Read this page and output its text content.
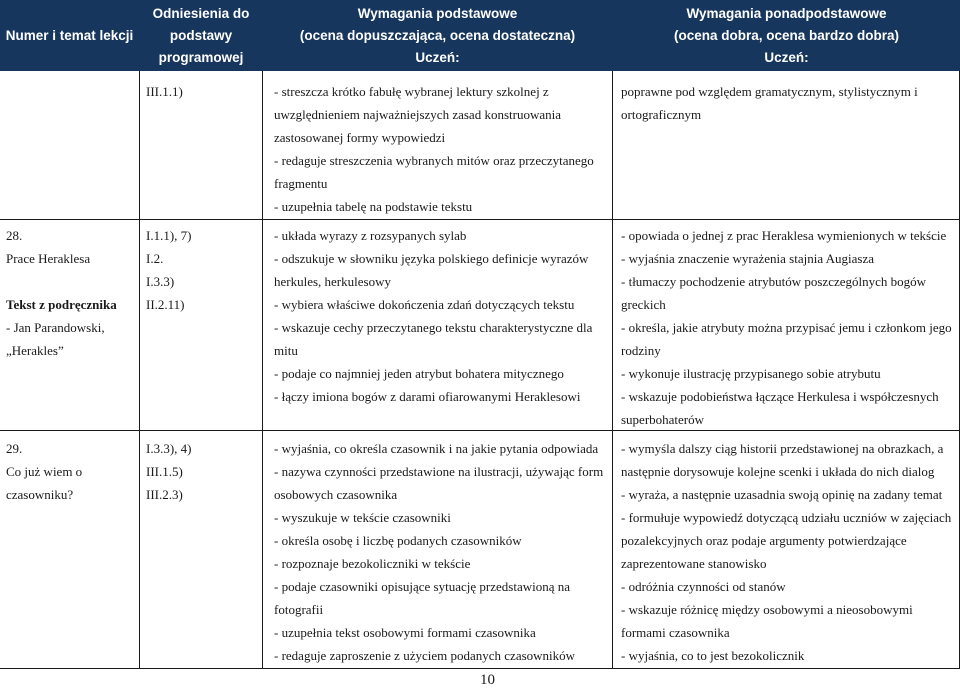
Numer i temat lekcji
Odniesienia do
podstawy
programowej
Wymagania podstawowe
(ocena dopuszczająca, ocena dostateczna)
Uczeń:
Wymagania ponadpodstawowe
(ocena dobra, ocena bardzo dobra)
Uczeń:
III.1.1)	- streszcza krótko fabułę wybranej lektury szkolnej z
uwzględnieniem najważniejszych zasad konstruowania
zastosowanej formy wypowiedzi
- redaguje streszczenia wybranych mitów oraz przeczytanego
fragmentu
- uzupełnia tabelę na podstawie tekstu
poprawne pod względem gramatycznym, stylistycznym i
ortograficznym
28.
Prace Heraklesa
Tekst z podręcznika
- Jan Parandowski,
„Herakles”
I.1.1), 7)
I.2.
I.3.3)
II.2.11)
- układa wyrazy z rozsypanych sylab
- odszukuje w słowniku języka polskiego definicje wyrazów
herkules, herkulesowy
- wybiera właściwe dokończenia zdań dotyczących tekstu
- wskazuje cechy przeczytanego tekstu charakterystyczne dla
mitu
- podaje co najmniej jeden atrybut bohatera mitycznego
- łączy imiona bogów z darami ofiarowanymi Heraklesowi
- opowiada o jednej z prac Heraklesa wymienionych w tekście
- wyjaśnia znaczenie wyrażenia stajnia Augiasza
- tłumaczy pochodzenie atrybutów poszczególnych bogów
greckich
- określa, jakie atrybuty można przypisać jemu i członkom jego
rodziny
- wykonuje ilustrację przypisanego sobie atrybutu
- wskazuje podobieństwa łączące Herkulesa i współczesnych
superbohaterów
29.
Co już wiem o
czasowniku?
I.3.3), 4)
III.1.5)
III.2.3)
- wyjaśnia, co określa czasownik i na jakie pytania odpowiada
- nazywa czynności przedstawione na ilustracji, używając form
osobowych czasownika
- wyszukuje w tekście czasowniki
- określa osobę i liczbę podanych czasowników
- rozpoznaje bezokoliczniki w tekście
- podaje czasowniki opisujące sytuację przedstawioną na
fotografii
- uzupełnia tekst osobowymi formami czasownika
- redaguje zaproszenie z użyciem podanych czasowników
- wymyśla dalszy ciąg historii przedstawionej na obrazkach, a
następnie dorysowuje kolejne scenki i układa do nich dialog
- wyraża, a następnie uzasadnia swoją opinię na zadany temat
- formułuje wypowiedź dotyczącą udziału uczniów w zajęciach
pozalekcyjnych oraz podaje argumenty potwierdzające
zaprezentowane stanowisko
- odróżnia czynności od stanów
- wskazuje różnicę między osobowymi a nieosobowymi
formami czasownika
- wyjaśnia, co to jest bezokolicznik
10
